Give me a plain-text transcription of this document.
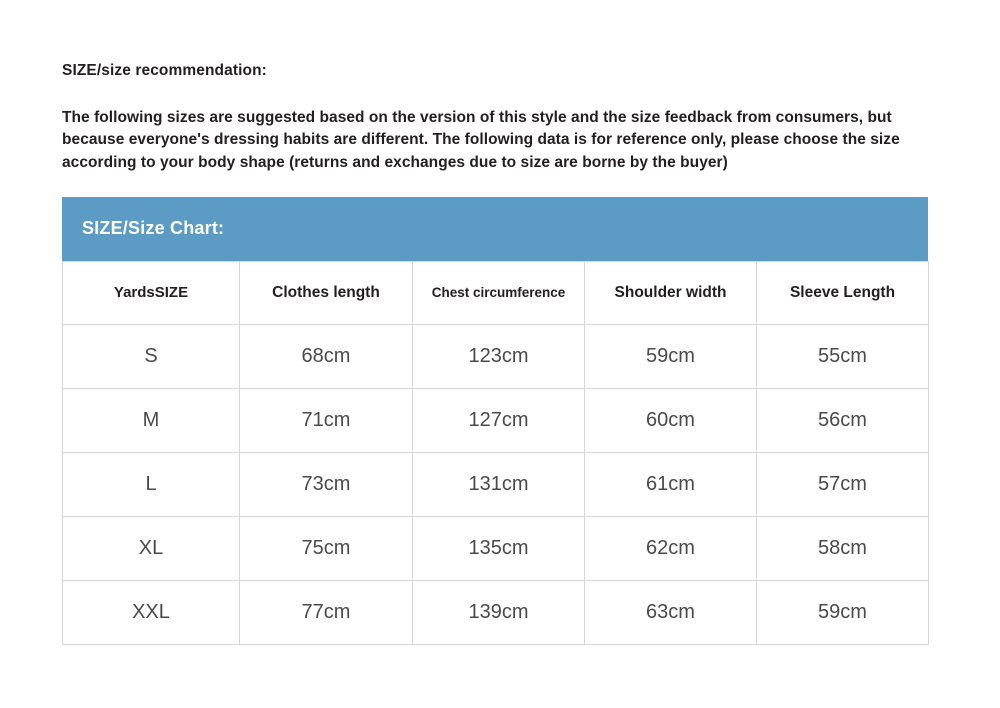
SIZE/size recommendation:

The following sizes are suggested based on the version of this style and the size feedback from consumers, but because everyone's dressing habits are different. The following data is for reference only, please choose the size according to your body shape (returns and exchanges due to size are borne by the buyer)

SIZE/Size Chart:
YardsSIZE	Clothes length	Chest circumference	Shoulder width	Sleeve Length
S	68cm	123cm	59cm	55cm
M	71cm	127cm	60cm	56cm
L	73cm	131cm	61cm	57cm
XL	75cm	135cm	62cm	58cm
XXL	77cm	139cm	63cm	59cm
